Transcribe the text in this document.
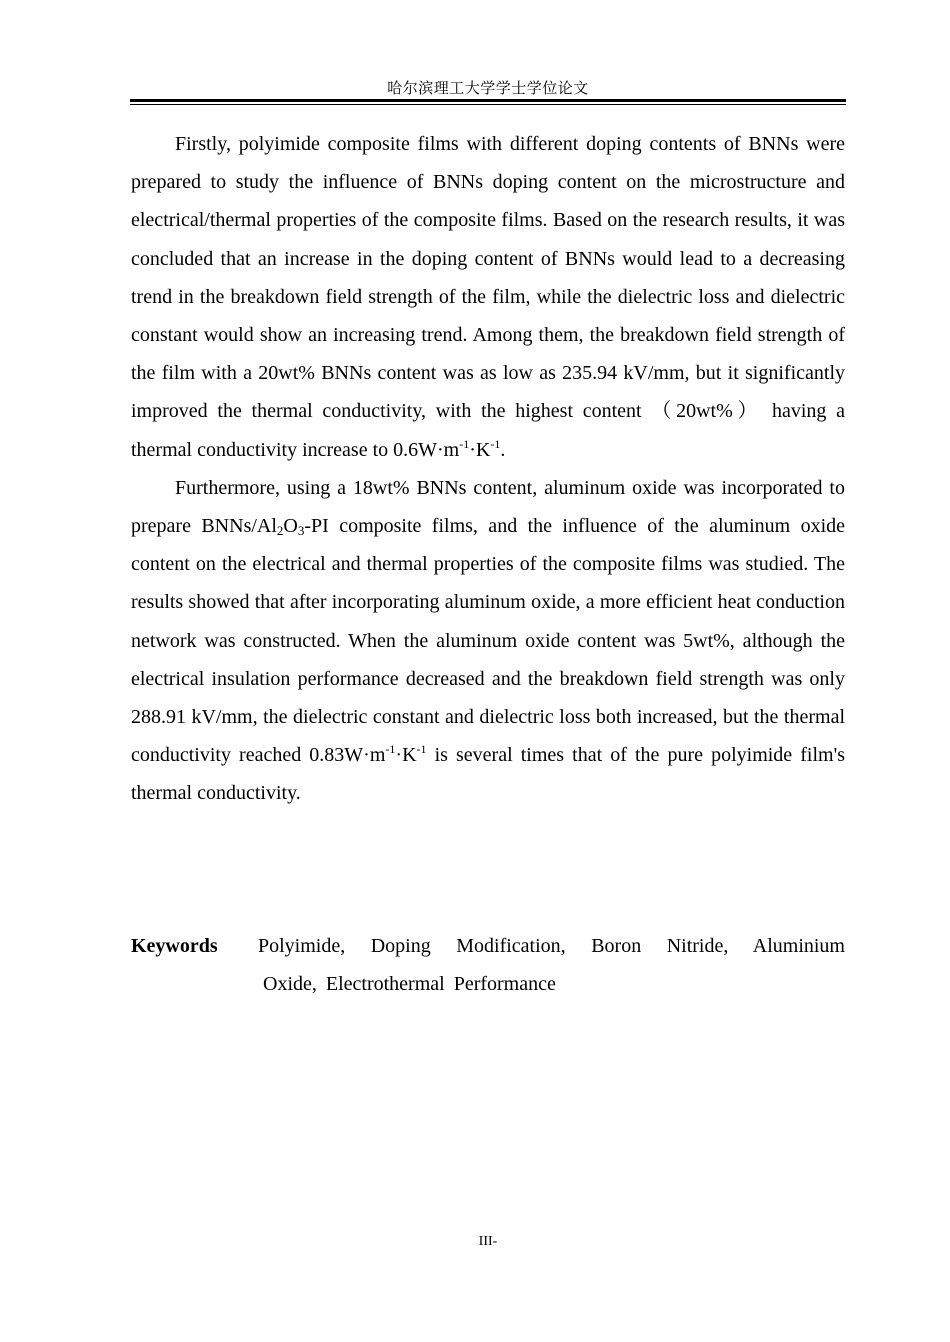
哈尔滨理工大学学士学位论文

Firstly, polyimide composite films with different doping contents of BNNs were prepared to study the influence of BNNs doping content on the microstructure and electrical/thermal properties of the composite films. Based on the research results, it was concluded that an increase in the doping content of BNNs would lead to a decreasing trend in the breakdown field strength of the film, while the dielectric loss and dielectric constant would show an increasing trend. Among them, the breakdown field strength of the film with a 20wt% BNNs content was as low as 235.94 kV/mm, but it significantly improved the thermal conductivity, with the highest content （20wt%） having a thermal conductivity increase to $0.6W\cdot m^{-1}\cdot K^{-1}$.

Furthermore, using a 18wt% BNNs content, aluminum oxide was incorporated to prepare BNNs/$Al_2O_3-PI$ composite films, and the influence of the aluminum oxide content on the electrical and thermal properties of the composite films was studied. The results showed that after incorporating aluminum oxide, a more efficient heat conduction network was constructed. When the aluminum oxide content was 5wt%, although the electrical insulation performance decreased and the breakdown field strength was only 288.91 kV/mm, the dielectric constant and dielectric loss both increased, but the thermal conductivity reached $0.83W\cdot m^{-1}\cdot K^{-1}$ is several times that of the pure polyimide film's thermal conductivity.

Keywords	Polyimide, Doping Modification, Boron Nitride, Aluminium
Oxide, Electrothermal Performance
III-
